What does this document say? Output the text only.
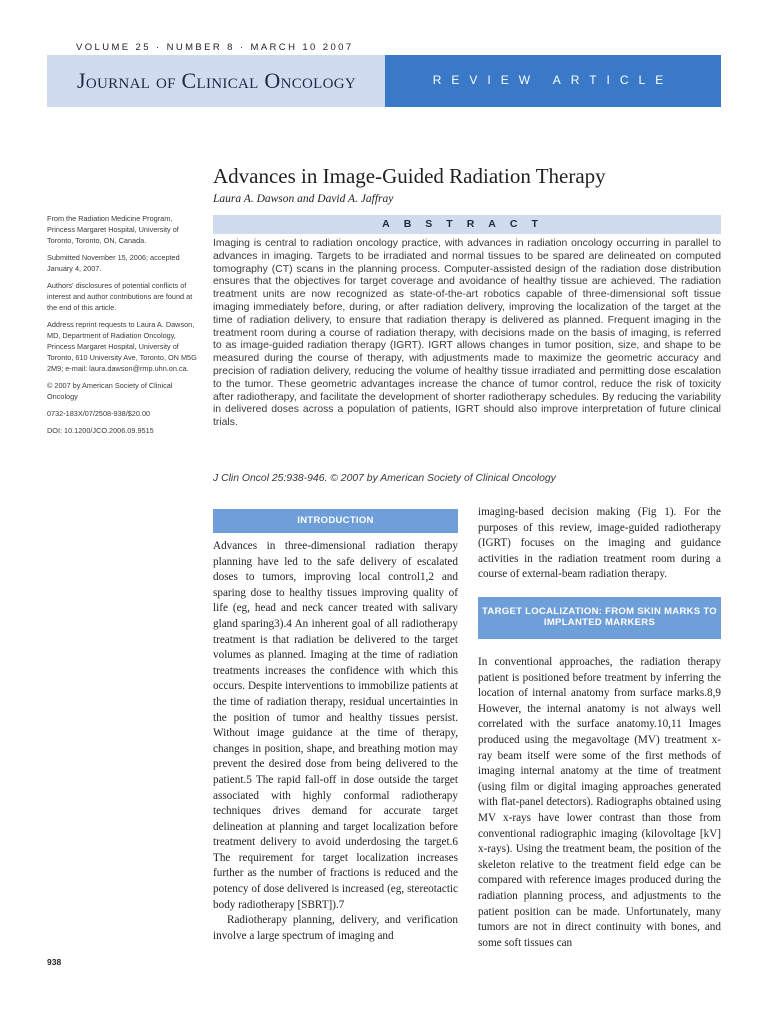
VOLUME 25 · NUMBER 8 · MARCH 10 2007
Journal of Clinical Oncology	REVIEW ARTICLE
Advances in Image-Guided Radiation Therapy
Laura A. Dawson and David A. Jaffray

From the Radiation Medicine Program, Princess Margaret Hospital, University of Toronto, Toronto, ON, Canada.

Submitted November 15, 2006; accepted January 4, 2007.

Authors' disclosures of potential conflicts of interest and author contributions are found at the end of this article.

Address reprint requests to Laura A. Dawson, MD, Department of Radiation Oncology, Princess Margaret Hospital, University of Toronto, 610 University Ave, Toronto, ON M5G 2M9; e-mail: laura.dawson@rmp.uhn.on.ca.

© 2007 by American Society of Clinical Oncology

0732-183X/07/2508-938/$20.00

DOI: 10.1200/JCO.2006.09.9515

ABSTRACT

Imaging is central to radiation oncology practice, with advances in radiation oncology occurring in parallel to advances in imaging. Targets to be irradiated and normal tissues to be spared are delineated on computed tomography (CT) scans in the planning process. Computer-assisted design of the radiation dose distribution ensures that the objectives for target coverage and avoidance of healthy tissue are achieved. The radiation treatment units are now recognized as state-of-the-art robotics capable of three-dimensional soft tissue imaging immediately before, during, or after radiation delivery, improving the localization of the target at the time of radiation delivery, to ensure that radiation therapy is delivered as planned. Frequent imaging in the treatment room during a course of radiation therapy, with decisions made on the basis of imaging, is referred to as image-guided radiation therapy (IGRT). IGRT allows changes in tumor position, size, and shape to be measured during the course of therapy, with adjustments made to maximize the geometric accuracy and precision of radiation delivery, reducing the volume of healthy tissue irradiated and permitting dose escalation to the tumor. These geometric advantages increase the chance of tumor control, reduce the risk of toxicity after radiotherapy, and facilitate the development of shorter radiotherapy schedules. By reducing the variability in delivered doses across a population of patients, IGRT should also improve interpretation of future clinical trials.

J Clin Oncol 25:938-946. © 2007 by American Society of Clinical Oncology
INTRODUCTION

Advances in three-dimensional radiation therapy planning have led to the safe delivery of escalated doses to tumors, improving local control1,2 and sparing dose to healthy tissues improving quality of life (eg, head and neck cancer treated with salivary gland sparing3).4 An inherent goal of all radiotherapy treatment is that radiation be delivered to the target volumes as planned. Imaging at the time of radiation treatments increases the confidence with which this occurs. Despite interventions to immobilize patients at the time of radiation therapy, residual uncertainties in the position of tumor and healthy tissues persist. Without image guidance at the time of therapy, changes in position, shape, and breathing motion may prevent the desired dose from being delivered to the patient.5 The rapid fall-off in dose outside the target associated with highly conformal radiotherapy techniques drives demand for accurate target delineation at planning and target localization before treatment delivery to avoid underdosing the target.6 The requirement for target localization increases further as the number of fractions is reduced and the potency of dose delivered is increased (eg, stereotactic body radiotherapy [SBRT]).7

Radiotherapy planning, delivery, and verification involve a large spectrum of imaging and

imaging-based decision making (Fig 1). For the purposes of this review, image-guided radiotherapy (IGRT) focuses on the imaging and guidance activities in the radiation treatment room during a course of external-beam radiation therapy.

TARGET LOCALIZATION: FROM SKIN MARKS TO IMPLANTED MARKERS

In conventional approaches, the radiation therapy patient is positioned before treatment by inferring the location of internal anatomy from surface marks.8,9 However, the internal anatomy is not always well correlated with the surface anatomy.10,11 Images produced using the megavoltage (MV) treatment x-ray beam itself were some of the first methods of imaging internal anatomy at the time of treatment (using film or digital imaging approaches generated with flat-panel detectors). Radiographs obtained using MV x-rays have lower contrast than those from conventional radiographic imaging (kilovoltage [kV] x-rays). Using the treatment beam, the position of the skeleton relative to the treatment field edge can be compared with reference images produced during the radiation planning process, and adjustments to the patient position can be made. Unfortunately, many tumors are not in direct continuity with bones, and some soft tissues can

938
